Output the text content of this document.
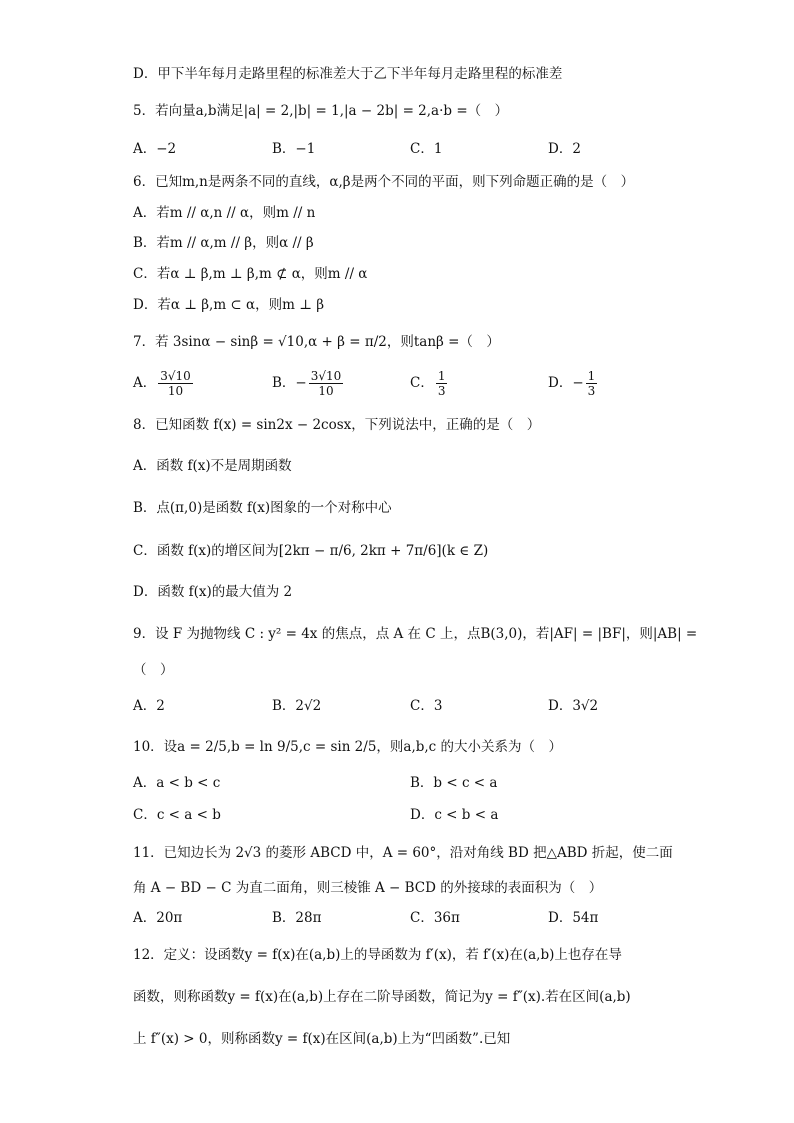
D．甲下半年每月走路里程的标准差大于乙下半年每月走路里程的标准差
5．若向量a,b满足|a| = 2,|b| = 1,|a − 2b| = 2,a·b =（　）
6．已知m,n是两条不同的直线，α,β是两个不同的平面，则下列命题正确的是（　）
A．若m // α,n // α，则m // n
B．若m // α,m // β，则α // β
C．若α ⊥ β,m ⊥ β,m ⊄ α，则m // α
D．若α ⊥ β,m ⊂ α，则m ⊥ β
7．若 3sinα − sinβ = √10,α + β = π/2，则tanβ =（　）
8．已知函数 f(x) = sin2x − 2cosx，下列说法中，正确的是（　）
A．函数 f(x)不是周期函数
B．点(π,0)是函数 f(x)图象的一个对称中心
C．函数 f(x)的增区间为[2kπ − π/6, 2kπ + 7π/6](k ∈ Z)
D．函数 f(x)的最大值为 2
9．设 F 为抛物线 C : y² = 4x 的焦点，点 A 在 C 上，点B(3,0)，若|AF| = |BF|，则|AB| =
（　）
10．设a = 2/5,b = ln 9/5,c = sin 2/5，则a,b,c 的大小关系为（　）
11．已知边长为 2√3 的菱形 ABCD 中，A = 60°，沿对角线 BD 把△ABD 折起，使二面
角 A − BD − C 为直二面角，则三棱锥 A − BCD 的外接球的表面积为（　）
12．定义：设函数y = f(x)在(a,b)上的导函数为 f′(x)，若 f′(x)在(a,b)上也存在导
函数，则称函数y = f(x)在(a,b)上存在二阶导函数，简记为y = f″(x).若在区间(a,b)
上 f″(x) > 0，则称函数y = f(x)在区间(a,b)上为“凹函数”.已知
A．−2	B．−1	C．1	D．2
A． $\frac{3√10}{10}$	B．− $\frac{3√10}{10}$	C． $\frac{1}{3}$	D．− $\frac{1}{3}$
A．2	B．2√2	C．3	D．3√2
A．a < b < c	B．b < c < a
C．c < a < b	D．c < b < a
A．20π	B．28π	C．36π	D．54π
